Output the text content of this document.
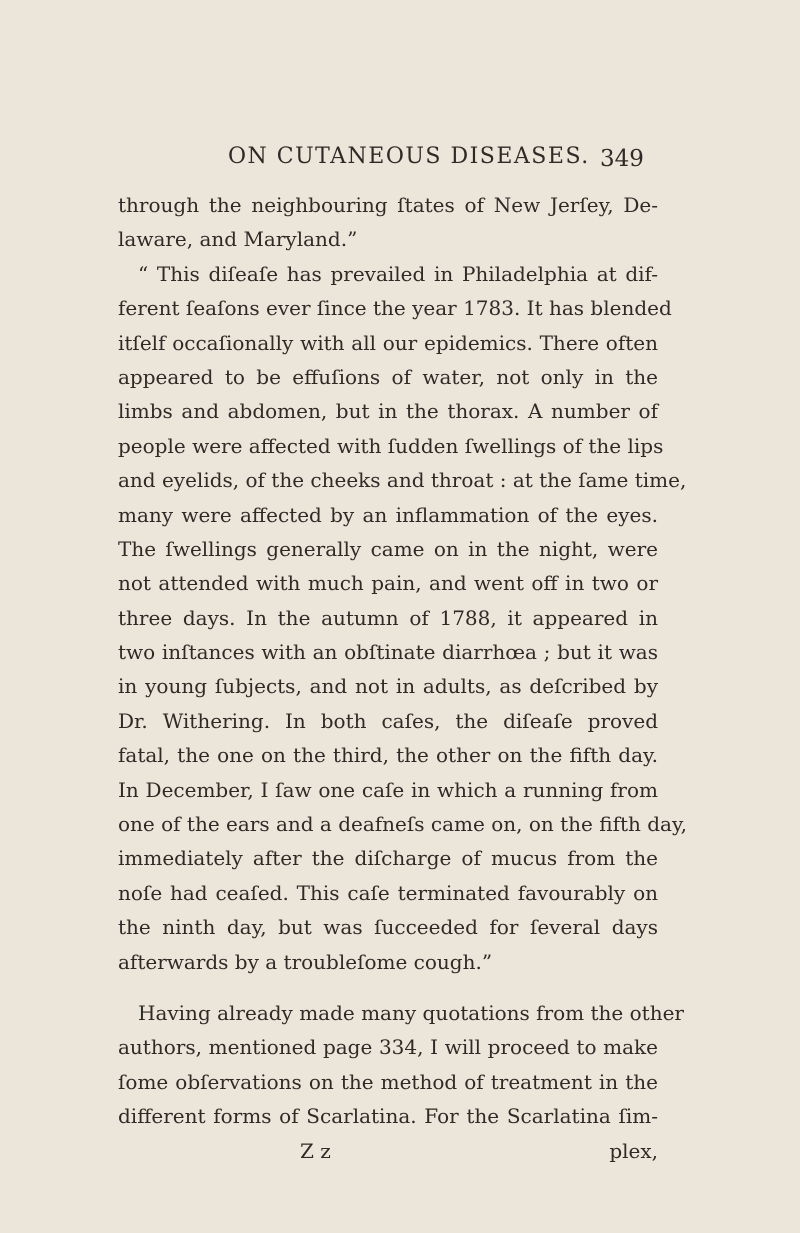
ON CUTANEOUS DISEASES. 349
through the neighbouring ſtates of New Jerſey, De-
laware, and Maryland.”
“ This diſeaſe has prevailed in Philadelphia at dif-
ferent ſeaſons ever ſince the year 1783. It has blended
itſelf occaſionally with all our epidemics. There often
appeared to be effuſions of water, not only in the
limbs and abdomen, but in the thorax. A number of
people were affected with ſudden ſwellings of the lips
and eyelids, of the cheeks and throat : at the ſame time,
many were affected by an inflammation of the eyes.
The ſwellings generally came on in the night, were
not attended with much pain, and went off in two or
three days. In the autumn of 1788, it appeared in
two inſtances with an obſtinate diarrhœa ; but it was
in young ſubjects, and not in adults, as deſcribed by
Dr. Withering. In both caſes, the diſeaſe proved
fatal, the one on the third, the other on the fifth day.
In December, I ſaw one caſe in which a running from
one of the ears and a deafneſs came on, on the fifth day,
immediately after the diſcharge of mucus from the
noſe had ceaſed. This caſe terminated favourably on
the ninth day, but was ſucceeded for ſeveral days
afterwards by a troubleſome cough.”
Having already made many quotations from the other
authors, mentioned page 334, I will proceed to make
ſome obſervations on the method of treatment in the
different forms of Scarlatina. For the Scarlatina ſim-
Z z	plex,
